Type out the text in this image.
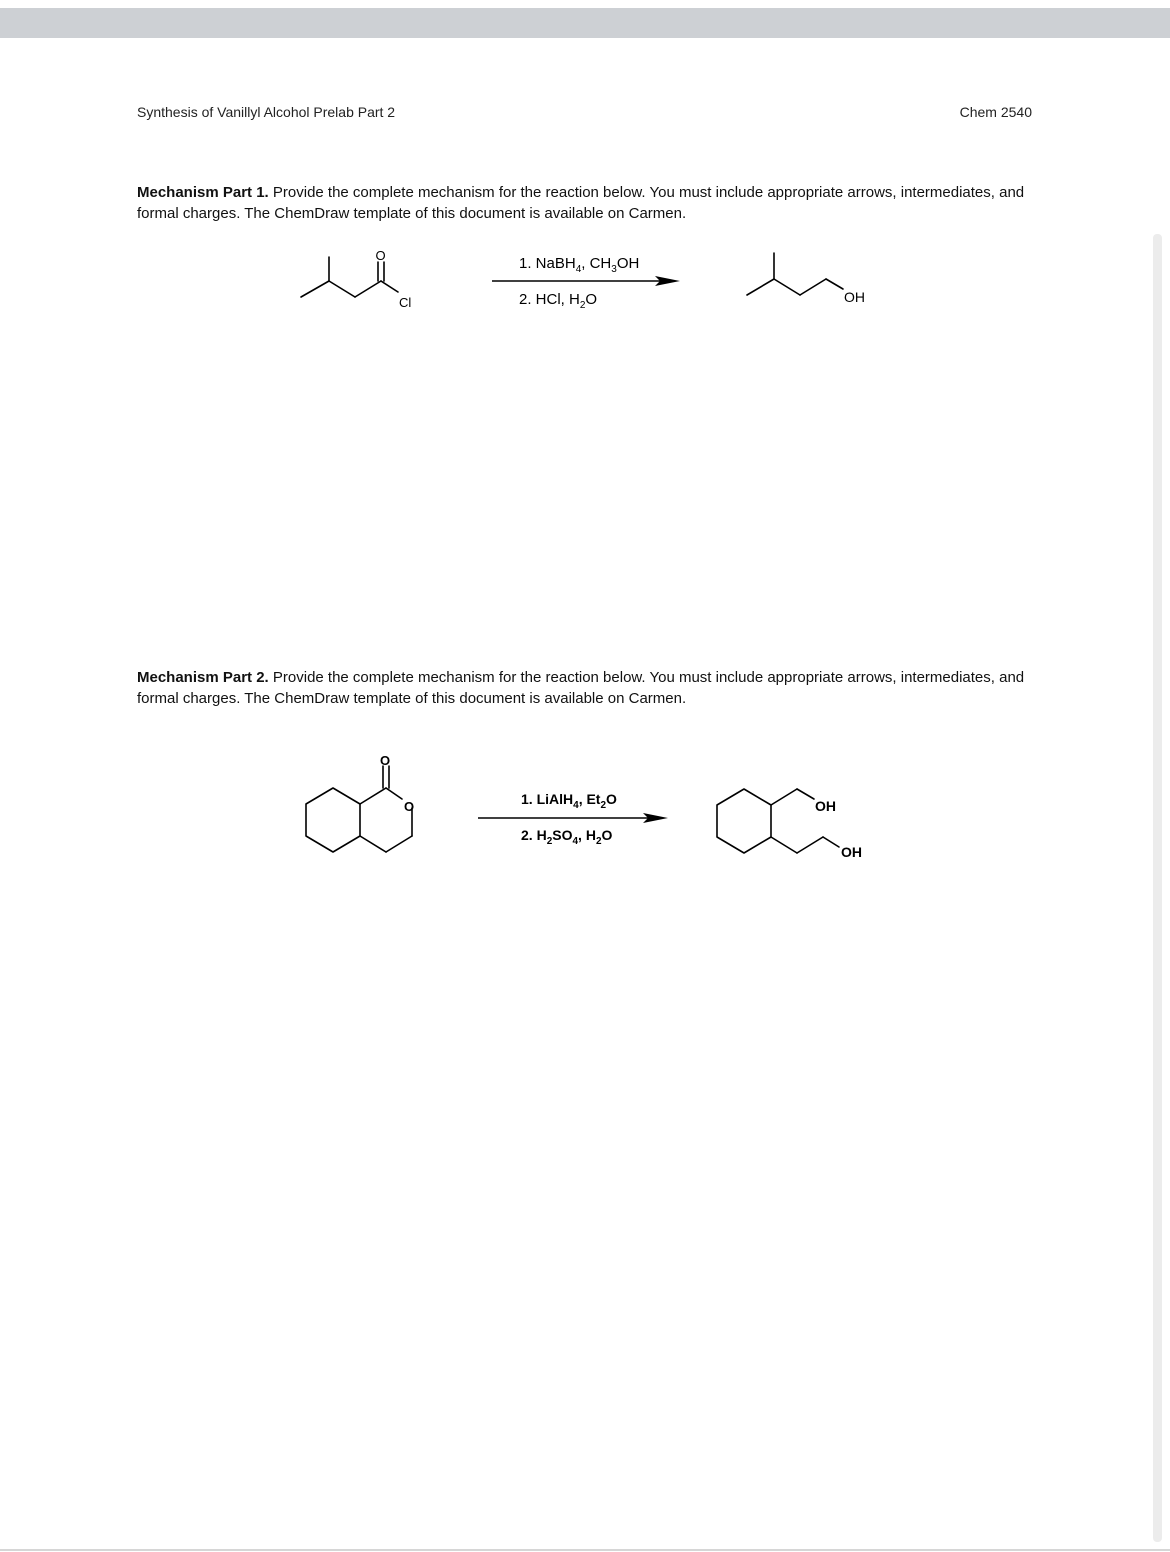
Synthesis of Vanillyl Alcohol Prelab Part 2	Chem 2540
Mechanism Part 1. Provide the complete mechanism for the reaction below. You must include appropriate arrows, intermediates, and formal charges. The ChemDraw template of this document is available on Carmen.
O
Cl
1. NaBH$_4$, $CH_3OH$
2. HCl, $H_2O$	OH
Mechanism Part 2. Provide the complete mechanism for the reaction below. You must include appropriate arrows, intermediates, and formal charges. The ChemDraw template of this document is available on Carmen.
O
O	1. LiAlH$_4$, $Et_2O$
2. $H_2SO_4$, $H_2O$
OH
OH
